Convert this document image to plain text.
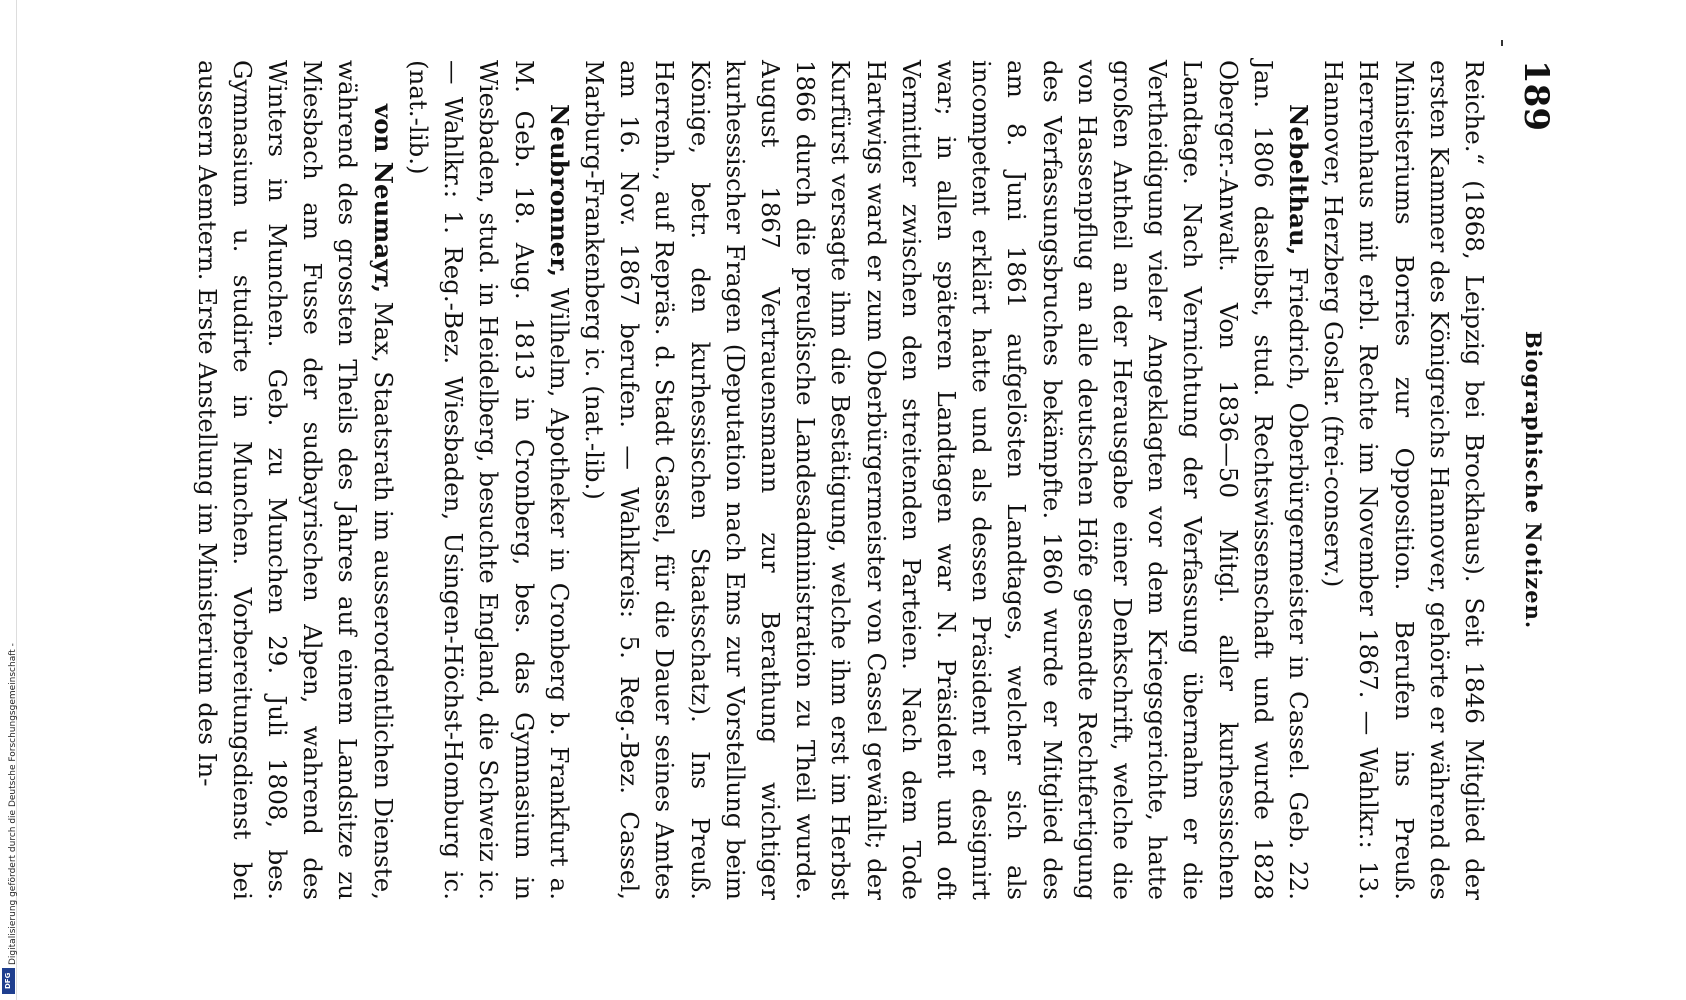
Digitalisierung gefördert durch die Deutsche Forschungsgemeinschaft -
DFG
Biographische Notizen.
189

Reiche.“ (1868, Leipzig bei Brockhaus). Seit 1846 Mitglied der ersten Kammer des Königreichs Hannover, gehörte er während des Ministeriums Borries zur Opposition. Berufen ins Preuß. Herrenhaus mit erbl. Rechte im November 1867. — Wahlkr.: 13. Hannover, Herzberg Goslar. (frei-conserv.)

Nebelthau, Friedrich, Oberbürgermeister in Cassel. Geb. 22. Jan. 1806 daselbst, stud. Rechtswissenschaft und wurde 1828 Oberger.-Anwalt. Von 1836—50 Mitgl. aller kurhessischen Landtage. Nach Vernichtung der Verfassung übernahm er die Vertheidigung vieler Angeklagten vor dem Kriegsgerichte, hatte großen Antheil an der Herausgabe einer Denkschrift, welche die von Hassenpflug an alle deutschen Höfe gesandte Rechtfertigung des Verfassungsbruches bekämpfte. 1860 wurde er Mitglied des am 8. Juni 1861 aufgelösten Landtages, welcher sich als incompetent erklärt hatte und als dessen Präsident er designirt war; in allen späteren Landtagen war N. Präsident und oft Vermittler zwischen den streitenden Parteien. Nach dem Tode Hartwigs ward er zum Oberbürgermeister von Cassel gewählt; der Kurfürst versagte ihm die Bestätigung, welche ihm erst im Herbst 1866 durch die preußische Landesadministration zu Theil wurde. August 1867 Vertrauensmann zur Berathung wichtiger kurhessischer Fragen (Deputation nach Ems zur Vorstellung beim Könige, betr. den kurhessischen Staatsschatz). Ins Preuß. Herrenh., auf Repräs. d. Stadt Cassel, für die Dauer seines Amtes am 16. Nov. 1867 berufen. — Wahlkreis: 5. Reg.-Bez. Cassel, Marburg-Frankenberg ic. (nat.-lib.)

Neubronner, Wilhelm, Apotheker in Cronberg b. Frankfurt a. M. Geb. 18. Aug. 1813 in Cronberg, bes. das Gymnasium in Wiesbaden, stud. in Heidelberg, besuchte England, die Schweiz ic. — Wahlkr.: 1. Reg.-Bez. Wiesbaden, Usingen-Höchst-Homburg ic. (nat.-lib.)

von Neumayr, Max, Staatsrath im ausserordentlichen Dienste, während des grossten Theils des Jahres auf einem Landsitze zu Miesbach am Fusse der sudbayrischen Alpen, wahrend des Winters in Munchen. Geb. zu Munchen 29. Juli 1808, bes. Gymnasium u. studirte in Munchen. Vorbereitungsdienst bei aussern Aemtern. Erste Anstellung im Ministerium des In-
